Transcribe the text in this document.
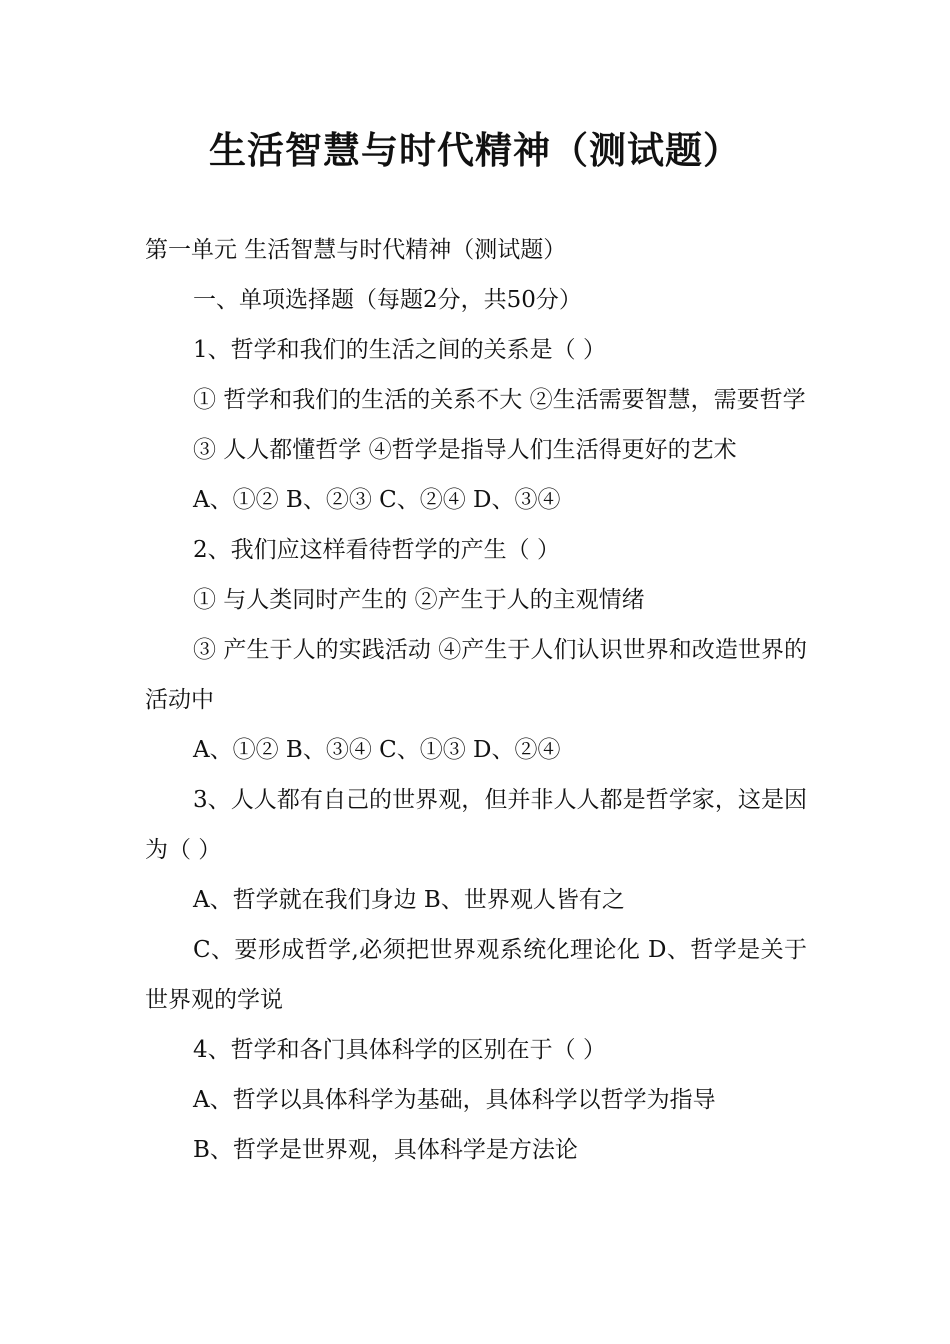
生活智慧与时代精神（测试题）

第一单元 生活智慧与时代精神（测试题）

一、单项选择题（每题2分，共50分）

1、哲学和我们的生活之间的关系是（ ）

① 哲学和我们的生活的关系不大 ②生活需要智慧，需要哲学

③ 人人都懂哲学 ④哲学是指导人们生活得更好的艺术

A、①② B、②③ C、②④ D、③④

2、我们应这样看待哲学的产生（ ）

① 与人类同时产生的 ②产生于人的主观情绪

③ 产生于人的实践活动 ④产生于人们认识世界和改造世界的活动中

A、①② B、③④ C、①③ D、②④

3、人人都有自己的世界观，但并非人人都是哲学家，这是因为（ ）

A、哲学就在我们身边 B、世界观人皆有之

C、要形成哲学,必须把世界观系统化理论化 D、哲学是关于世界观的学说

4、哲学和各门具体科学的区别在于（ ）

A、哲学以具体科学为基础，具体科学以哲学为指导

B、哲学是世界观，具体科学是方法论
